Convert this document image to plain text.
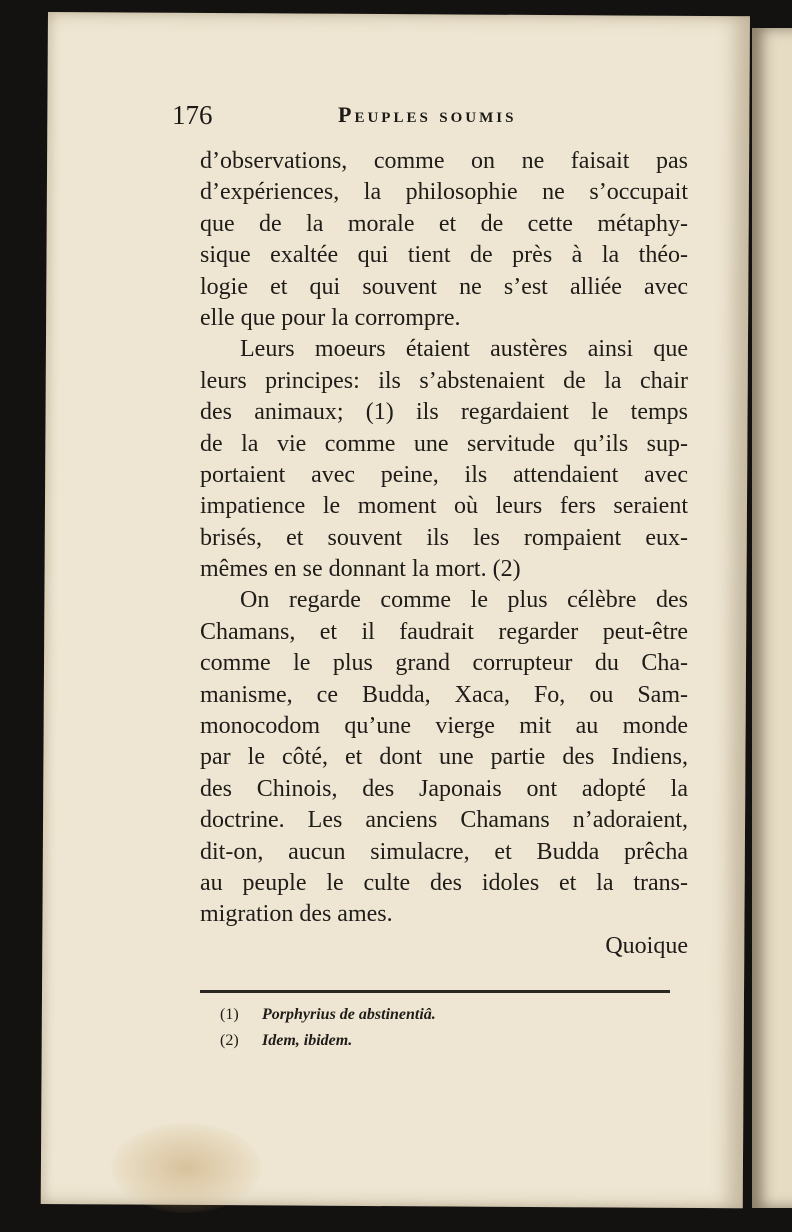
176	Peuples soumis
d’observations, comme on ne faisait pas
d’expériences, la philosophie ne s’occupait
que de la morale et de cette métaphy-
sique exaltée qui tient de près à la théo-
logie et qui souvent ne s’est alliée avec
elle que pour la corrompre.
Leurs moeurs étaient austères ainsi que
leurs principes: ils s’abstenaient de la chair
des animaux; (1) ils regardaient le temps
de la vie comme une servitude qu’ils sup-
portaient avec peine, ils attendaient avec
impatience le moment où leurs fers seraient
brisés, et souvent ils les rompaient eux-
mêmes en se donnant la mort. (2)
On regarde comme le plus célèbre des
Chamans, et il faudrait regarder peut-être
comme le plus grand corrupteur du Cha-
manisme, ce Budda, Xaca, Fo, ou Sam-
monocodom qu’une vierge mit au monde
par le côté, et dont une partie des Indiens,
des Chinois, des Japonais ont adopté la
doctrine. Les anciens Chamans n’adoraient,
dit-on, aucun simulacre, et Budda prêcha
au peuple le culte des idoles et la trans-
migration des ames.
Quoique
(1) Porphyrius de abstinentiâ.
(2) Idem, ibidem.
